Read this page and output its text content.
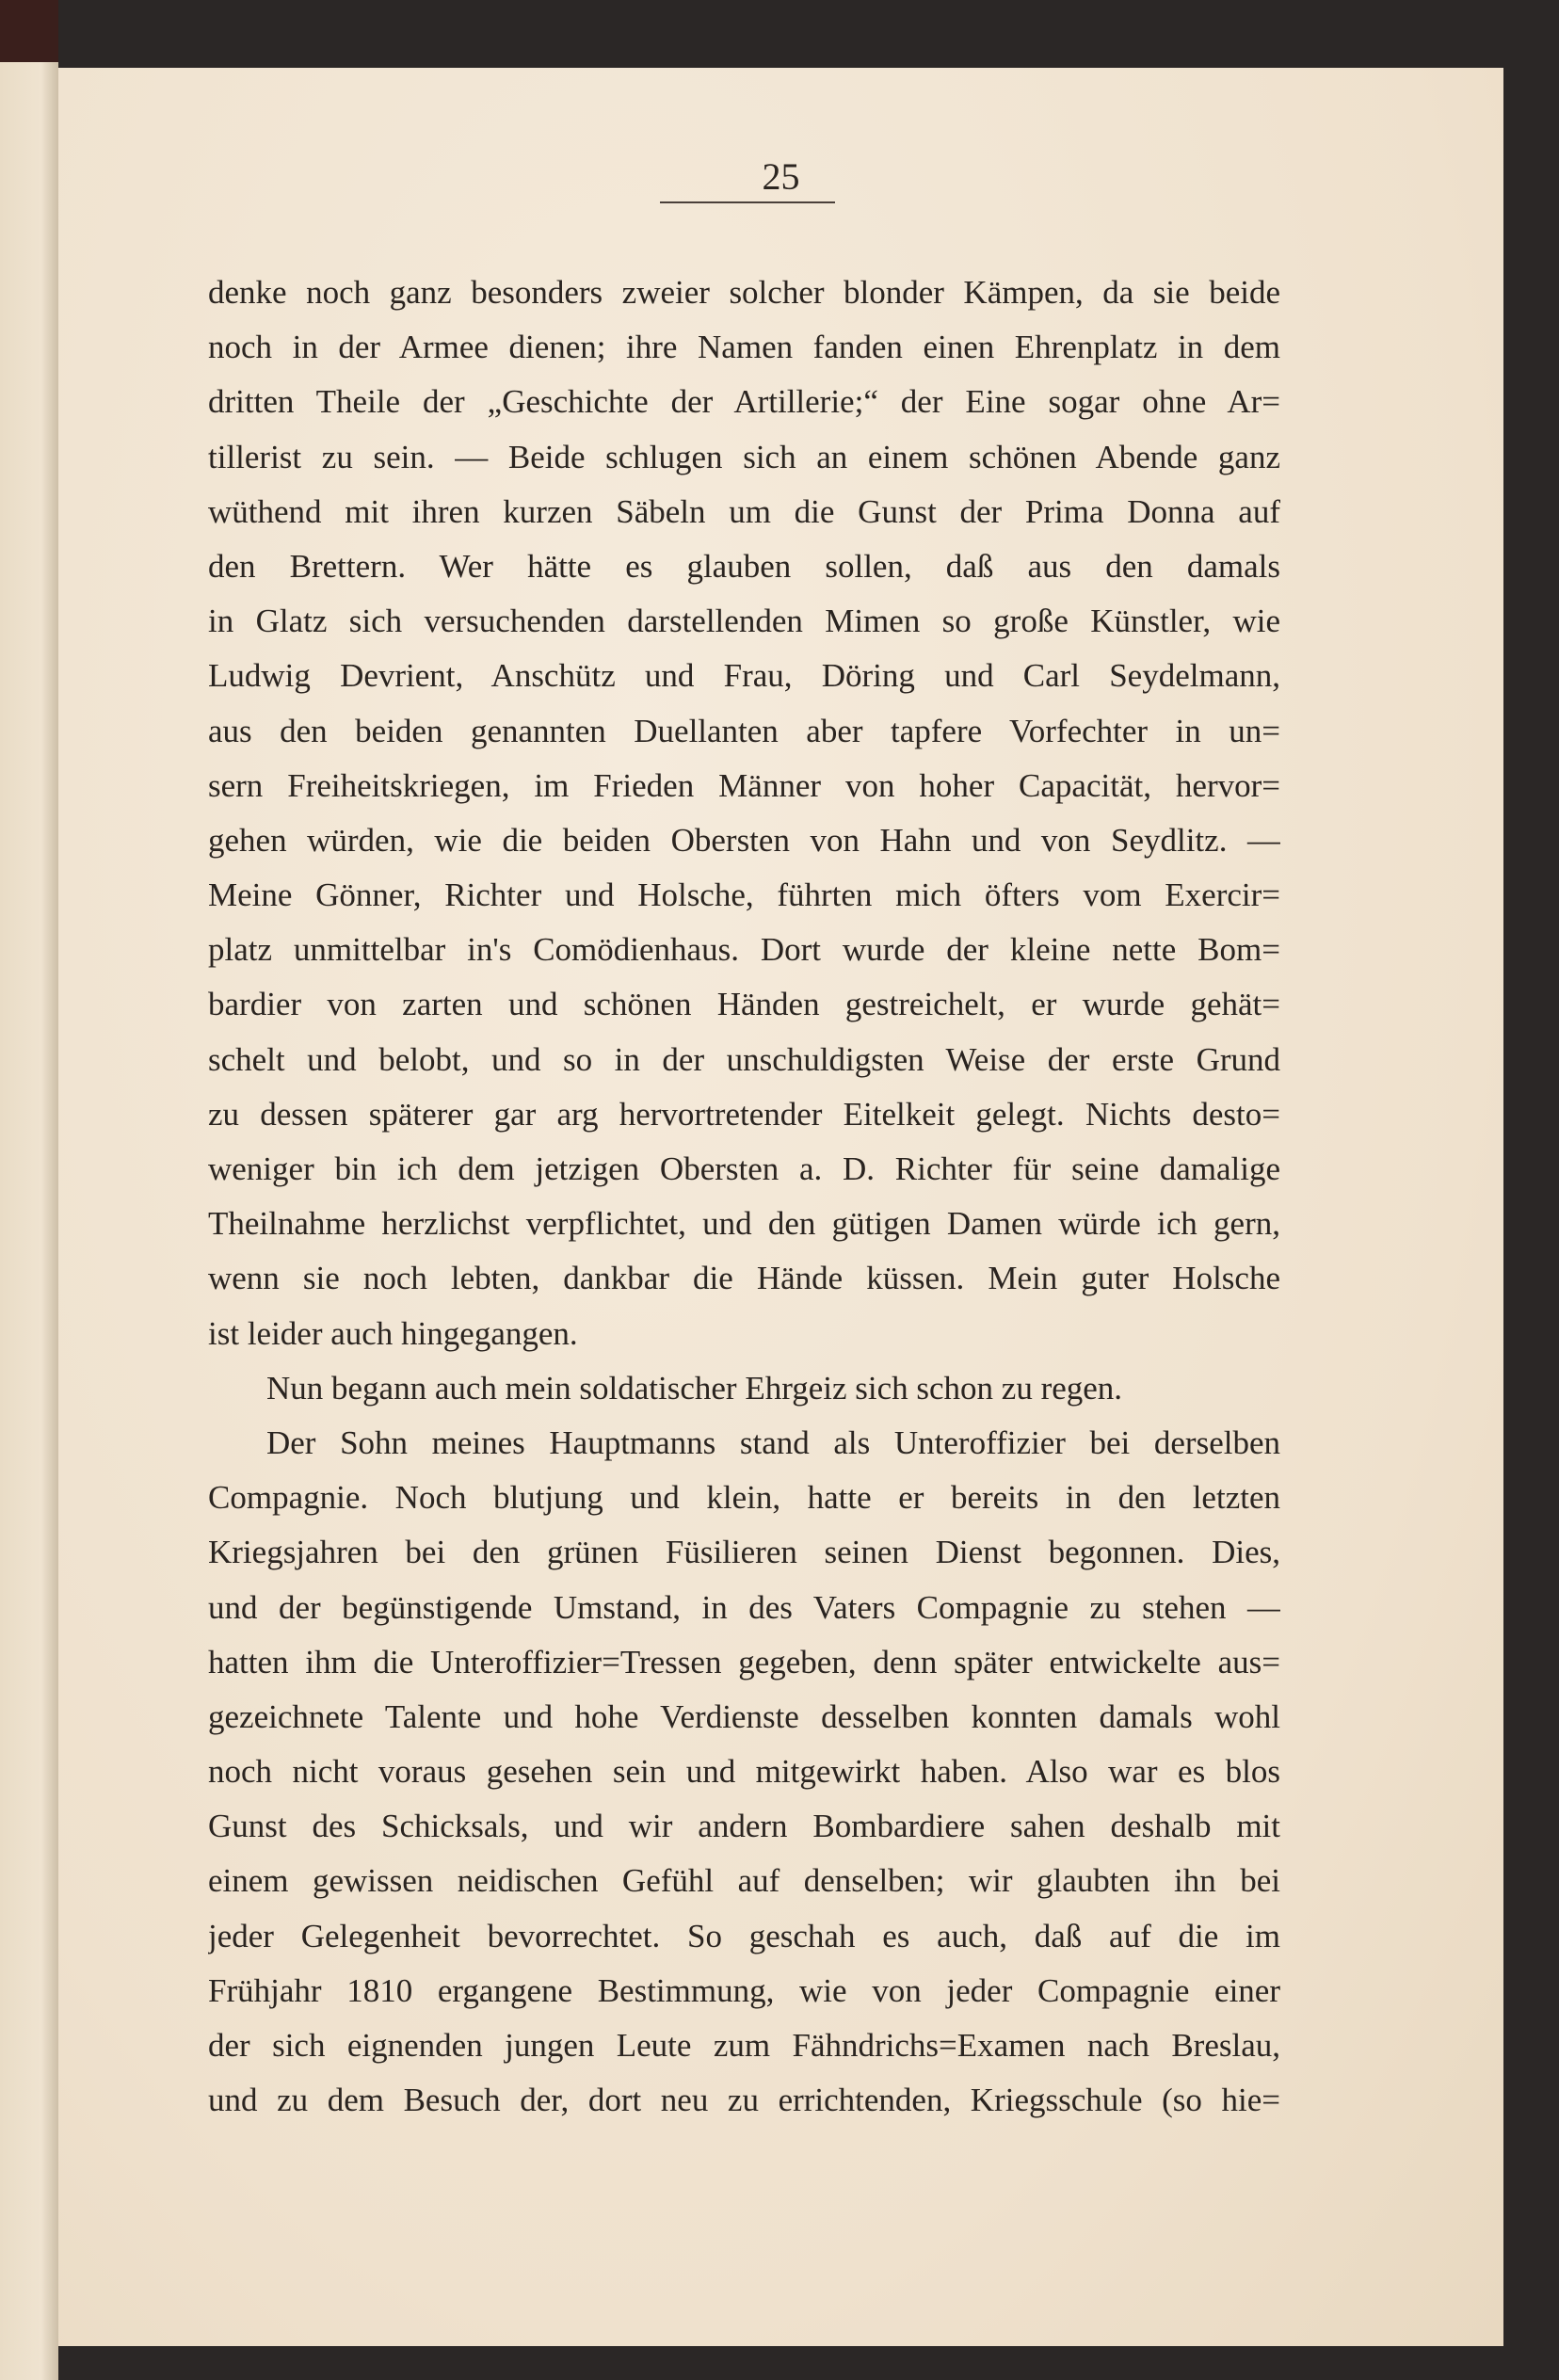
25
denke noch ganz besonders zweier solcher blonder Kämpen, da sie beide
noch in der Armee dienen; ihre Namen fanden einen Ehrenplatz in dem
dritten Theile der „Geschichte der Artillerie;“ der Eine sogar ohne Ar=
tillerist zu sein. — Beide schlugen sich an einem schönen Abende ganz
wüthend mit ihren kurzen Säbeln um die Gunst der Prima Donna auf
den Brettern. Wer hätte es glauben sollen, daß aus den damals
in Glatz sich versuchenden darstellenden Mimen so große Künstler, wie
Ludwig Devrient, Anschütz und Frau, Döring und Carl Seydelmann,
aus den beiden genannten Duellanten aber tapfere Vorfechter in un=
sern Freiheitskriegen, im Frieden Männer von hoher Capacität, hervor=
gehen würden, wie die beiden Obersten von Hahn und von Seydlitz. —
Meine Gönner, Richter und Holsche, führten mich öfters vom Exercir=
platz unmittelbar in's Comödienhaus. Dort wurde der kleine nette Bom=
bardier von zarten und schönen Händen gestreichelt, er wurde gehät=
schelt und belobt, und so in der unschuldigsten Weise der erste Grund
zu dessen späterer gar arg hervortretender Eitelkeit gelegt. Nichts desto=
weniger bin ich dem jetzigen Obersten a. D. Richter für seine damalige
Theilnahme herzlichst verpflichtet, und den gütigen Damen würde ich gern,
wenn sie noch lebten, dankbar die Hände küssen. Mein guter Holsche
ist leider auch hingegangen.
Nun begann auch mein soldatischer Ehrgeiz sich schon zu regen.
Der Sohn meines Hauptmanns stand als Unteroffizier bei derselben
Compagnie. Noch blutjung und klein, hatte er bereits in den letzten
Kriegsjahren bei den grünen Füsilieren seinen Dienst begonnen. Dies,
und der begünstigende Umstand, in des Vaters Compagnie zu stehen —
hatten ihm die Unteroffizier=Tressen gegeben, denn später entwickelte aus=
gezeichnete Talente und hohe Verdienste desselben konnten damals wohl
noch nicht voraus gesehen sein und mitgewirkt haben. Also war es blos
Gunst des Schicksals, und wir andern Bombardiere sahen deshalb mit
einem gewissen neidischen Gefühl auf denselben; wir glaubten ihn bei
jeder Gelegenheit bevorrechtet. So geschah es auch, daß auf die im
Frühjahr 1810 ergangene Bestimmung, wie von jeder Compagnie einer
der sich eignenden jungen Leute zum Fähndrichs=Examen nach Breslau,
und zu dem Besuch der, dort neu zu errichtenden, Kriegsschule (so hie=
